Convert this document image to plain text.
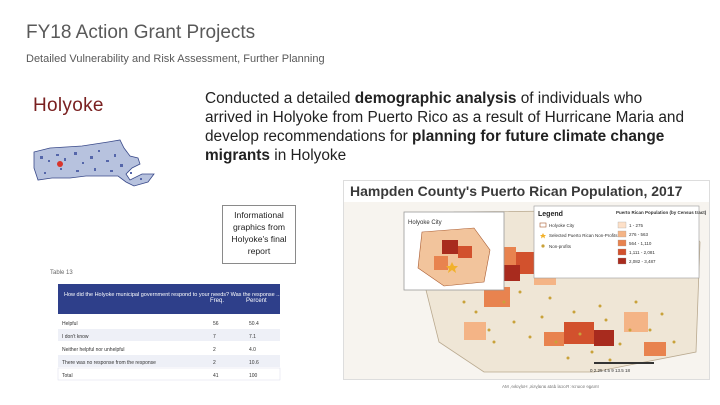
FY18 Action Grant Projects
Detailed Vulnerability and Risk Assessment, Further Planning
Holyoke	Conducted a detailed demographic analysis of individuals who arrived in Holyoke from Puerto Rico as a result of Hurricane Maria and develop recommendations for planning for future climate change migrants in Holyoke
Informational graphics from Holyoke's final report
Hampden County's Puerto Rican Population, 2017
Holyoke City
Legend
Holyoke City
Selected Puerto Rican Non-Profits
Non-profits
Puerto Rican Population (by Census tract)
1 - 275
276 - 563
564 - 1,110
1,111 - 2,081
2,082 - 3,487
0 2.25 4.5 9 13.5 18
Table 13
How did the Holyoke municipal government respond to your needs? Was the response ...
Freq.	Percent
Helpful	56	50.4
I don't know	7	7.1
Neither helpful nor unhelpful	2	4.0
There was no response from the response	2	10.6
Total	41	100
Image source: Rocal data analysis, Holyoke, MA
